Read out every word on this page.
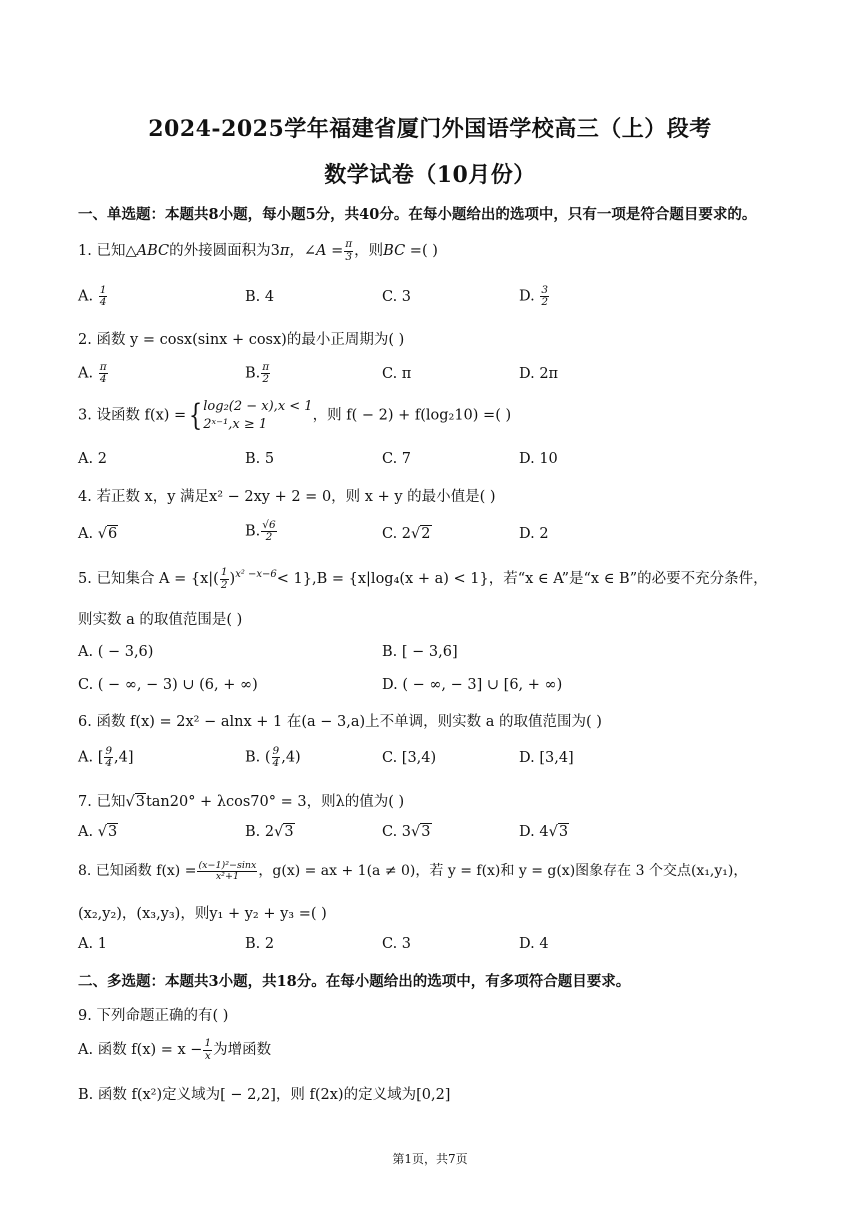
2024-2025学年福建省厦门外国语学校高三（上）段考
数学试卷（10月份）
一、单选题：本题共8小题，每小题5分，共40分。在每小题给出的选项中，只有一项是符合题目要求的。
1. 已知△ABC的外接圆面积为3π，∠A = $\frac{\pi}{3}$ ，则BC =( )
A. $\frac{1}{4}$	B. 4	C. 3	D. $\frac{3}{2}$
2. 函数 y = cosx(sinx + cosx)的最小正周期为( )
A. $\frac{\pi}{4}$	B. $\frac{\pi}{2}$	C. π	D. 2π
3. 设函数 f(x) ={ log₂(2 − x),x < 1
2ˣ⁻¹,x ≥ 1
，则 f( − 2) + f(log₂10) =( )
A. 2	B. 5	C. 7	D. 10
4. 若正数 x，y 满足x² − 2xy + 2 = 0，则 x + y 的最小值是( )
A. √6	B. $\frac{√6}{2}$	C. 2√2	D. 2
5. 已知集合 $A = \{x|( \frac{1}{2} )^{x^2 -x-6}< 1\},B = \{x|\log_4(x + a) < 1\}$，若“x ∈ A”是“x ∈ B”的必要不充分条件，
则实数 a 的取值范围是( )
A. ( − 3,6)	B. [ − 3,6]
C. ( − ∞, − 3) ∪ (6, + ∞)	D. ( − ∞, − 3] ∪ [6, + ∞)
6. 函数 f(x) = 2x² − alnx + 1 在(a − 3,a)上不单调，则实数 a 的取值范围为( )
A. [ $\frac{9}{4} ,4$]	B. ( $\frac{9}{4} ,4$)	C. [3,4)	D. [3,4]
7. 已知√3tan20° + λcos70° = 3，则λ的值为( )
A. √3	B. 2√3	C. 3√3	D. 4√3
8. 已知函数 $f(x) = \frac{\text{(x−1)²−sinx}}{\text{x²+1}}$ ，g(x) = ax + 1(a ≠ 0)，若 y = f(x)和 y = g(x)图象存在 3 个交点(x₁,y₁)，
(x₂,y₂)，(x₃,y₃)，则y₁ + y₂ + y₃ =( )
A. 1	B. 2	C. 3	D. 4
二、多选题：本题共3小题，共18分。在每小题给出的选项中，有多项符合题目要求。
9. 下列命题正确的有( )
A. 函数 $f(x) = x - \frac{1}{x}$ 为增函数
B. 函数 f(x²)定义域为[ − 2,2]，则 f(2x)的定义域为[0,2]
第1页，共7页
